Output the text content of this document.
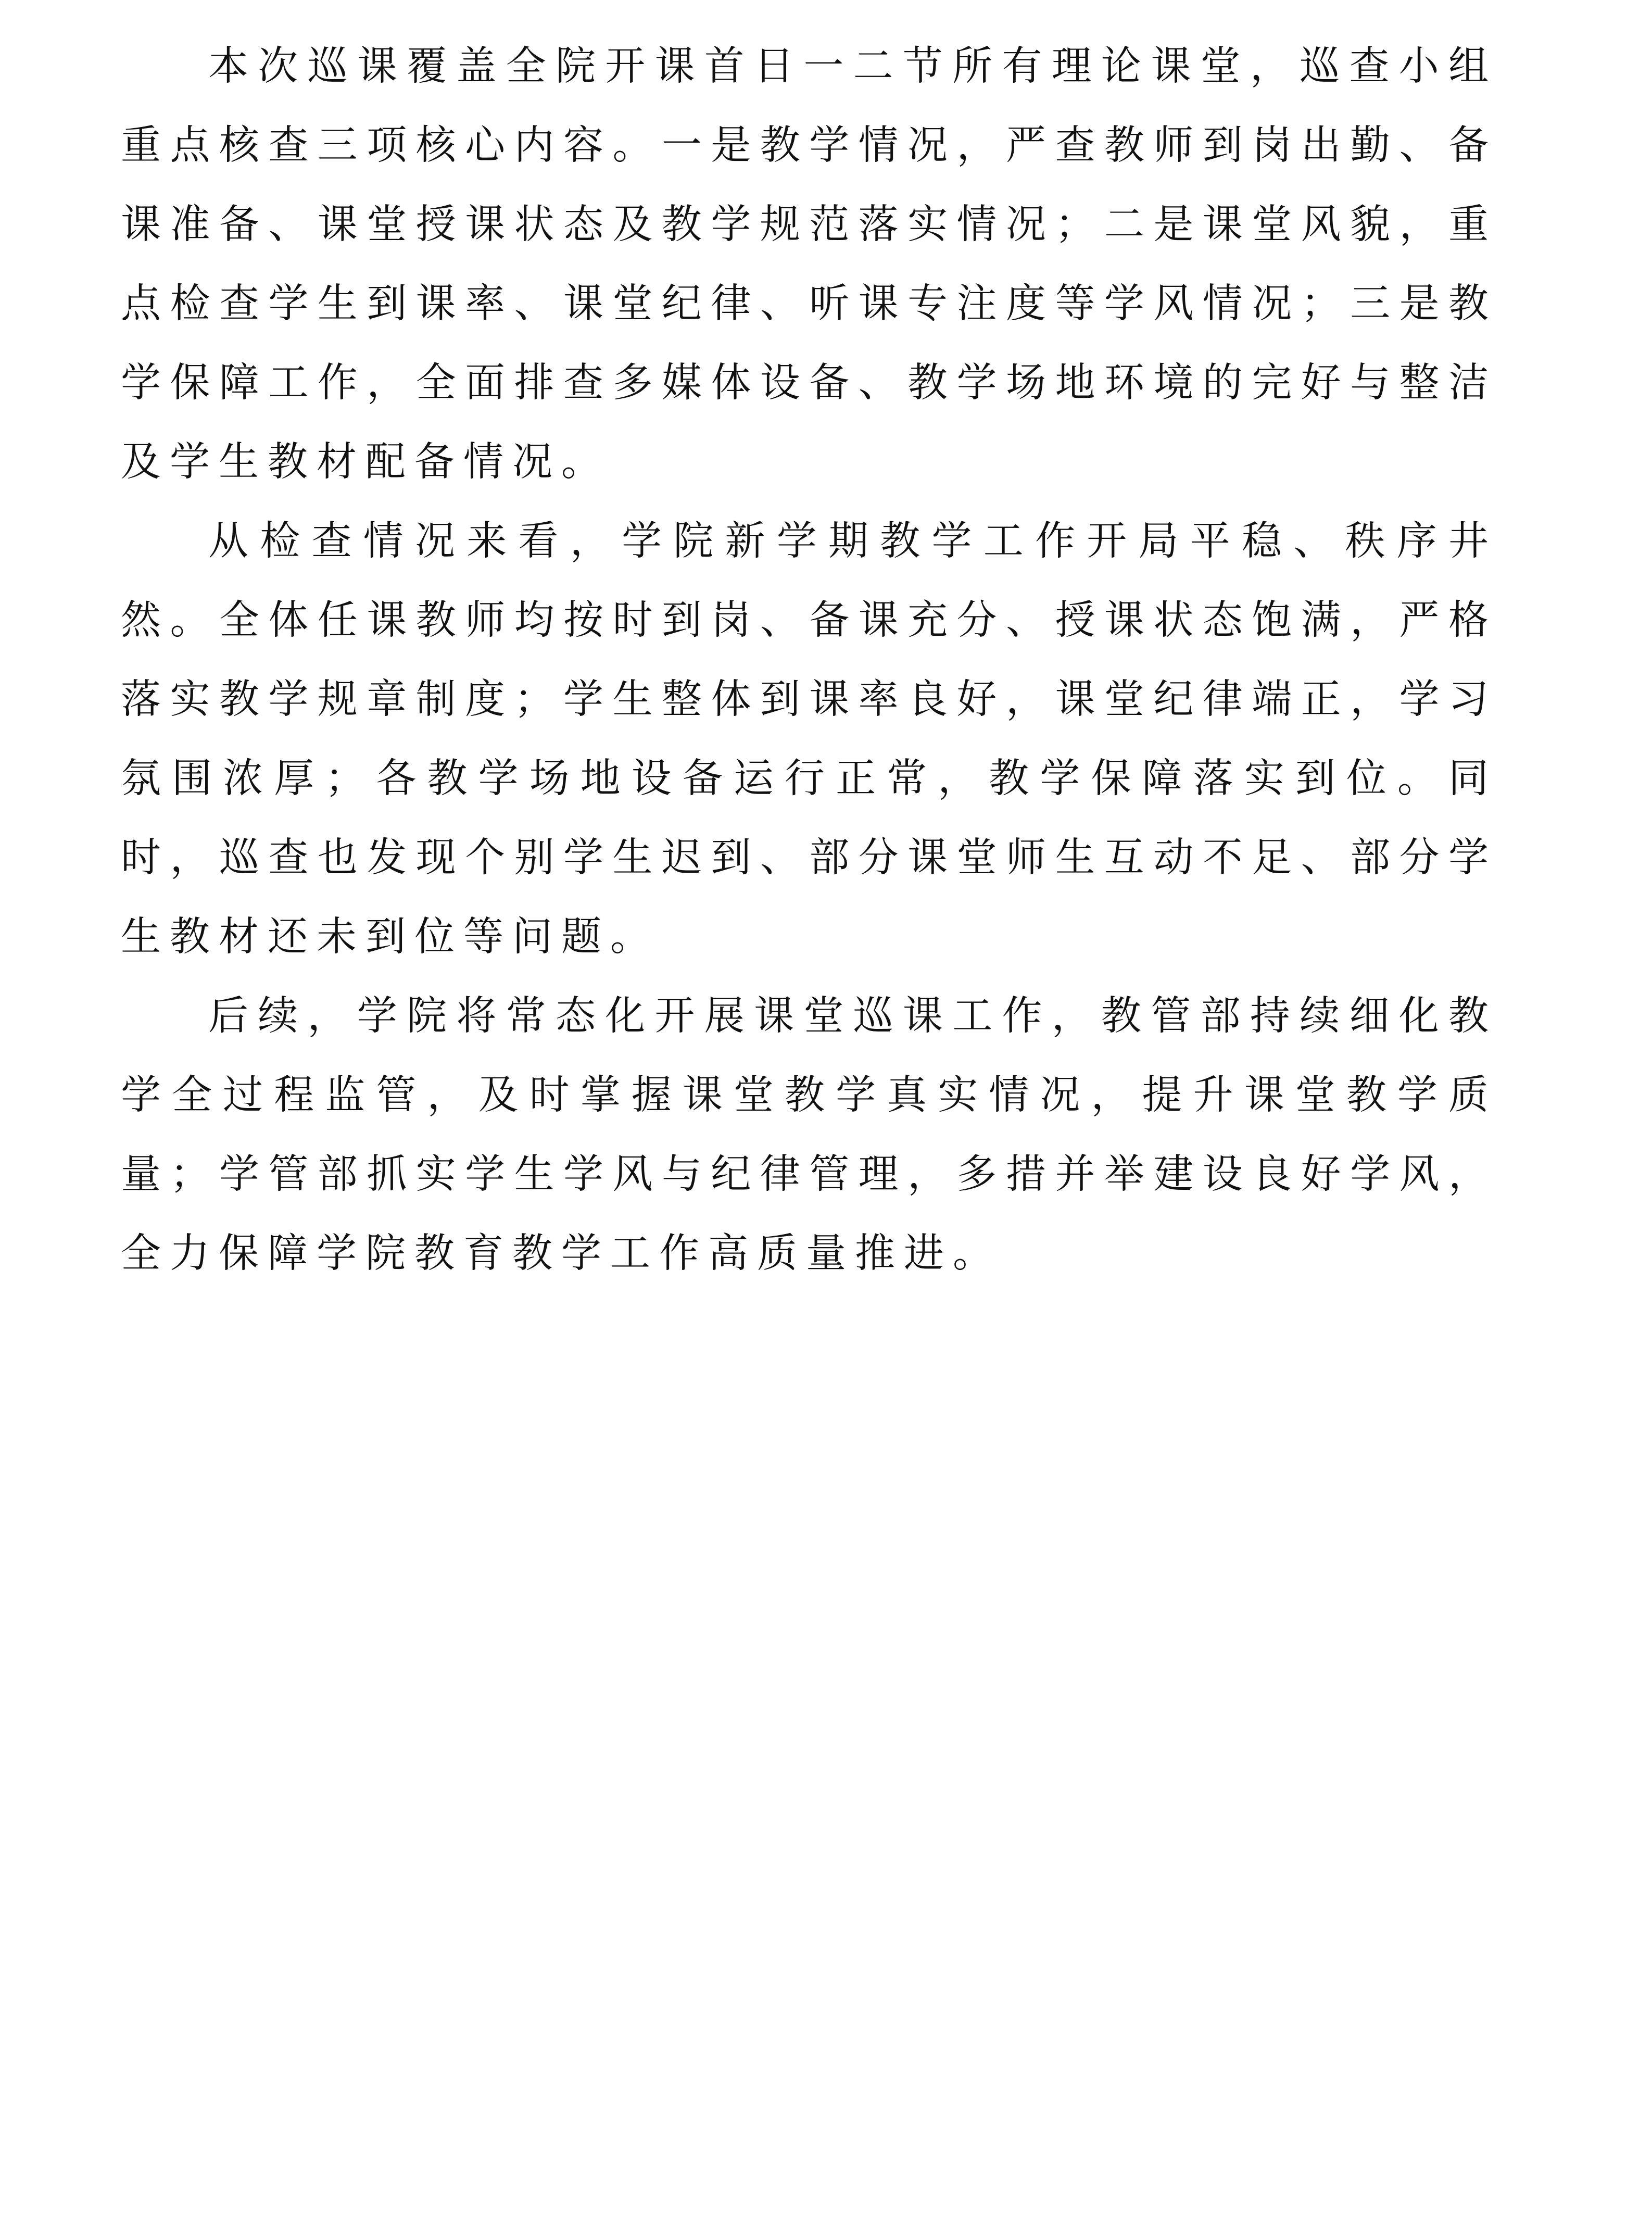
本次巡课覆盖全院开课首日一二节所有理论课堂，巡查小组重点核查三项核心内容。一是教学情况，严查教师到岗出勤、备课准备、课堂授课状态及教学规范落实情况；二是课堂风貌，重点检查学生到课率、课堂纪律、听课专注度等学风情况；三是教学保障工作，全面排查多媒体设备、教学场地环境的完好与整洁及学生教材配备情况。

从检查情况来看，学院新学期教学工作开局平稳、秩序井然。全体任课教师均按时到岗、备课充分、授课状态饱满，严格落实教学规章制度；学生整体到课率良好，课堂纪律端正，学习氛围浓厚；各教学场地设备运行正常，教学保障落实到位。同时，巡查也发现个别学生迟到、部分课堂师生互动不足、部分学生教材还未到位等问题。

后续，学院将常态化开展课堂巡课工作，教管部持续细化教学全过程监管，及时掌握课堂教学真实情况，提升课堂教学质量；学管部抓实学生学风与纪律管理，多措并举建设良好学风，全力保障学院教育教学工作高质量推进。
